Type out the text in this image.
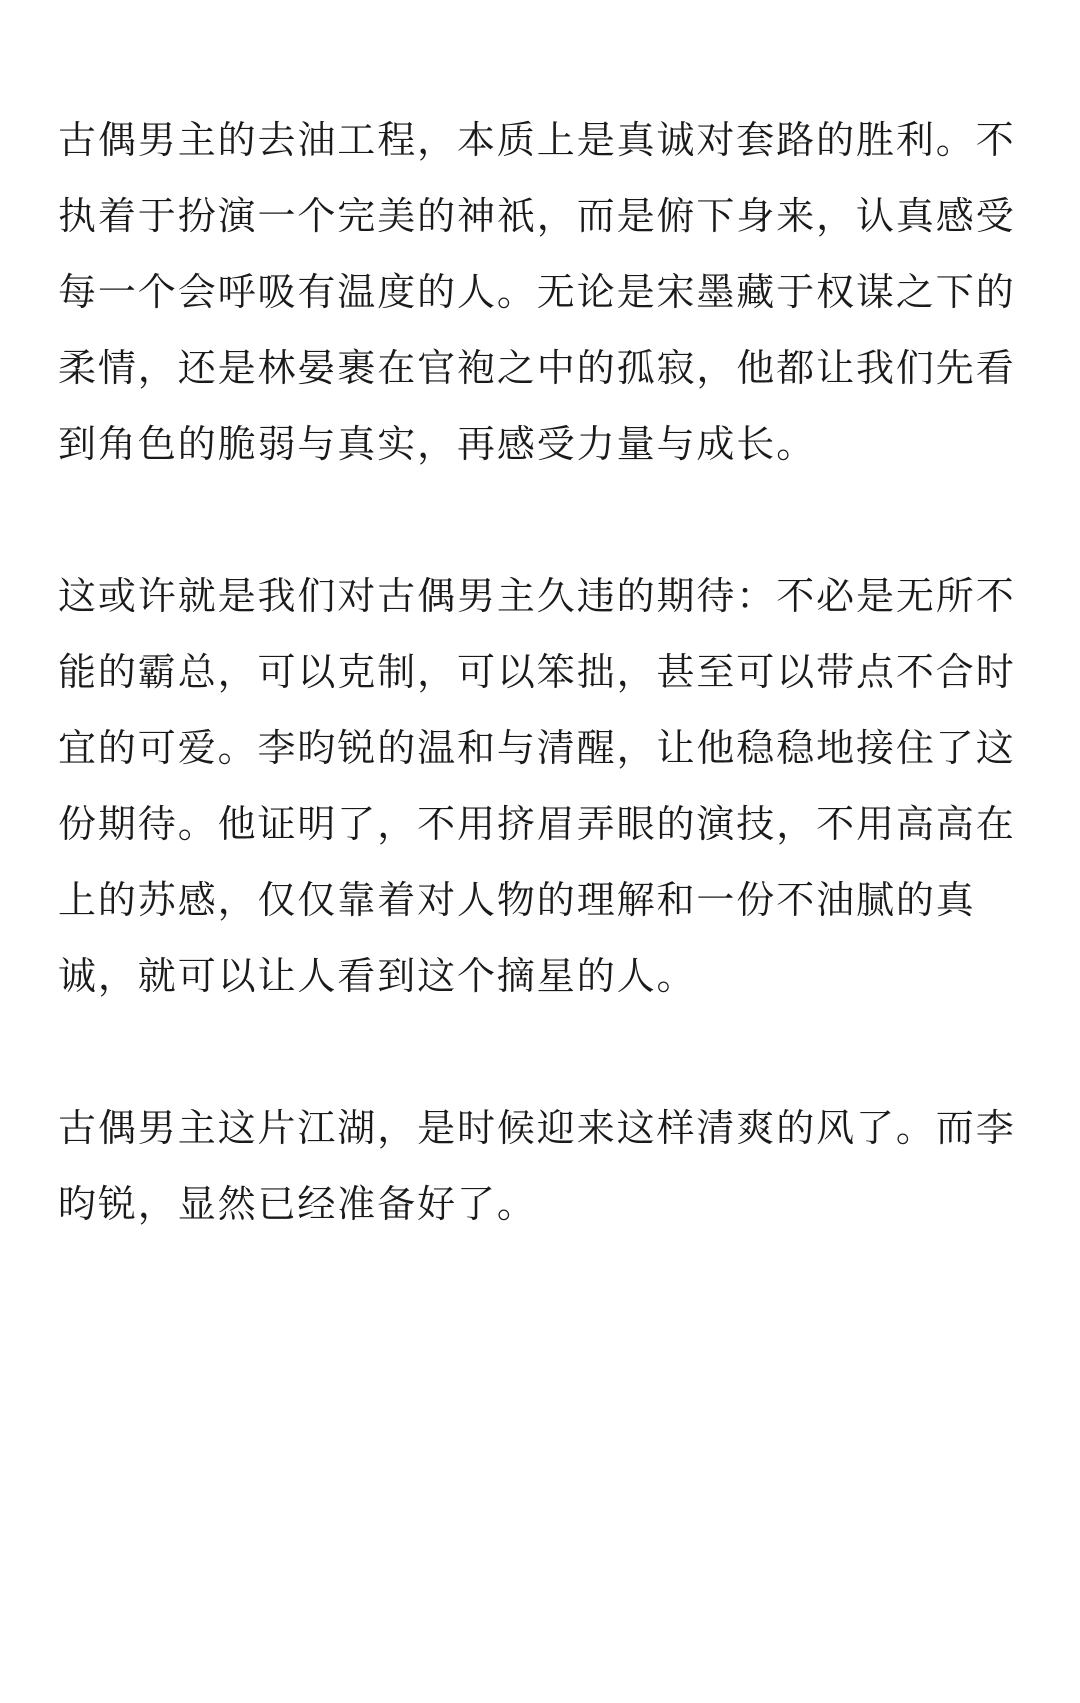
古偶男主的去油工程，本质上是真诚对套路的胜利。不执着于扮演一个完美的神祇，而是俯下身来，认真感受每一个会呼吸有温度的人。无论是宋墨藏于权谋之下的柔情，还是林晏裹在官袍之中的孤寂，他都让我们先看到角色的脆弱与真实，再感受力量与成长。

这或许就是我们对古偶男主久违的期待：不必是无所不能的霸总，可以克制，可以笨拙，甚至可以带点不合时宜的可爱。李昀锐的温和与清醒，让他稳稳地接住了这份期待。他证明了，不用挤眉弄眼的演技，不用高高在上的苏感，仅仅靠着对人物的理解和一份不油腻的真诚，就可以让人看到这个摘星的人。

古偶男主这片江湖，是时候迎来这样清爽的风了。而李昀锐，显然已经准备好了。
